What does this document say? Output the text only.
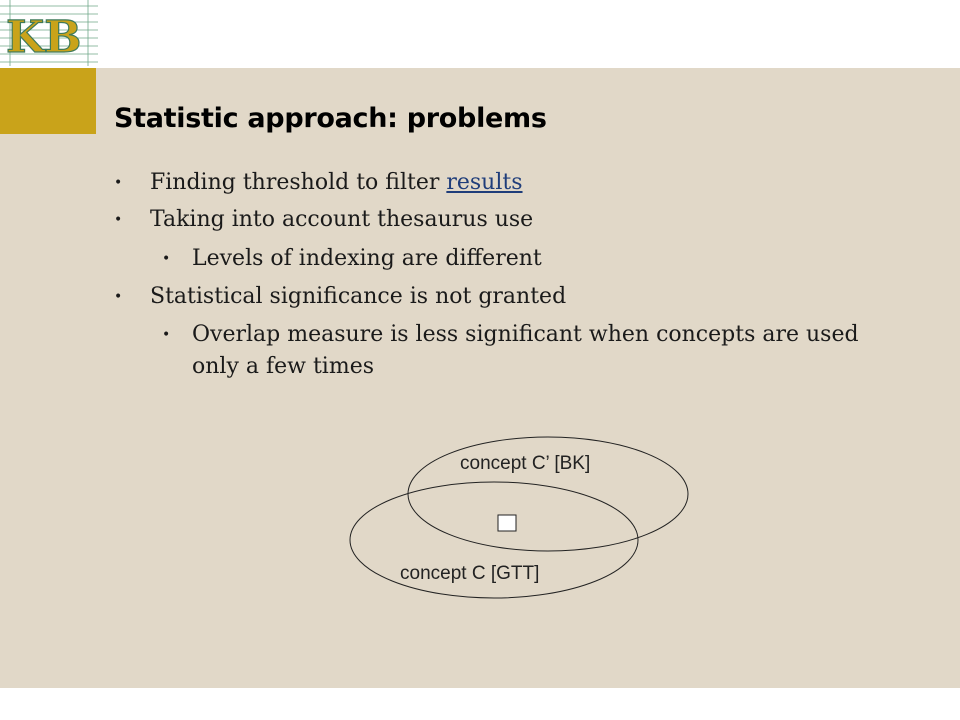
KB
Statistic approach: problems
• Finding threshold to filter results
• Taking into account thesaurus use
• Levels of indexing are different
• Statistical significance is not granted
• Overlap measure is less significant when concepts are used
only a few times
concept C’ [BK]
concept C [GTT]
